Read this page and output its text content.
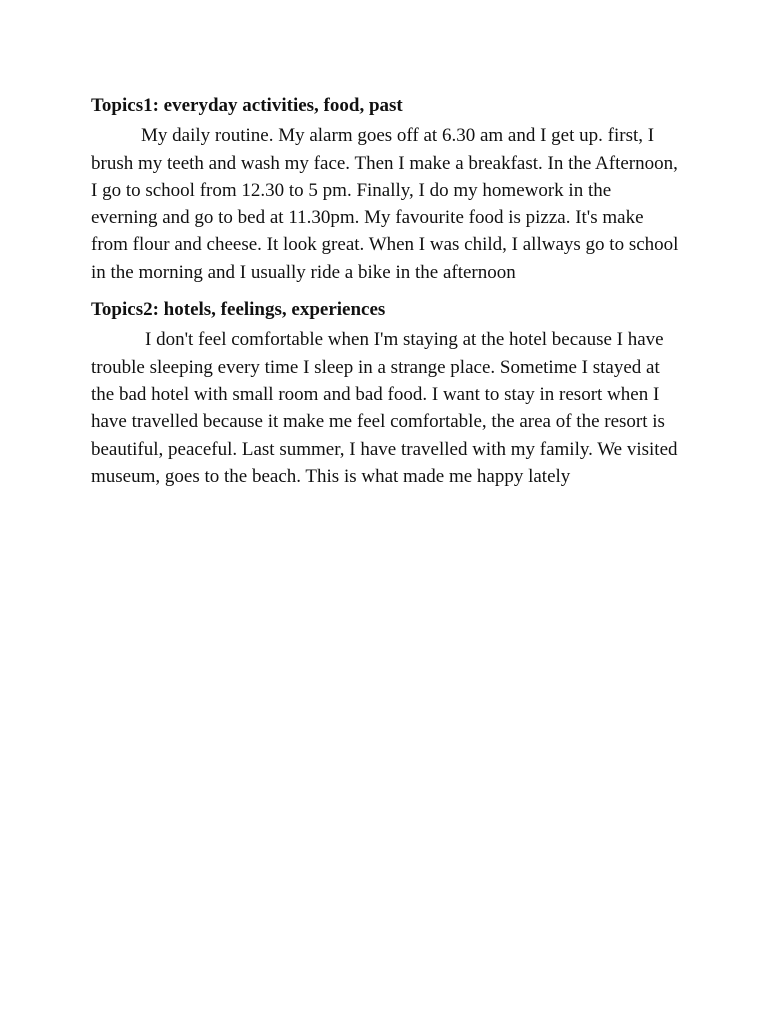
Topics1: everyday activities, food, past

My daily routine. My alarm goes off at 6.30 am and I get up. first, I brush my teeth and wash my face. Then I make a breakfast. In the Afternoon, I go to school from 12.30 to 5 pm. Finally, I do my homework in the everning and go to bed at 11.30pm. My favourite food is pizza. It's make from flour and cheese. It look great. When I was child, I allways go to school in the morning and I usually ride a bike in the afternoon

Topics2: hotels, feelings, experiences

I don't feel comfortable when I'm staying at the hotel because I have trouble sleeping every time I sleep in a strange place. Sometime I stayed at the bad hotel with small room and bad food. I want to stay in resort when I have travelled because it make me feel comfortable, the area of the resort is beautiful, peaceful. Last summer, I have travelled with my family. We visited museum, goes to the beach. This is what made me happy lately
